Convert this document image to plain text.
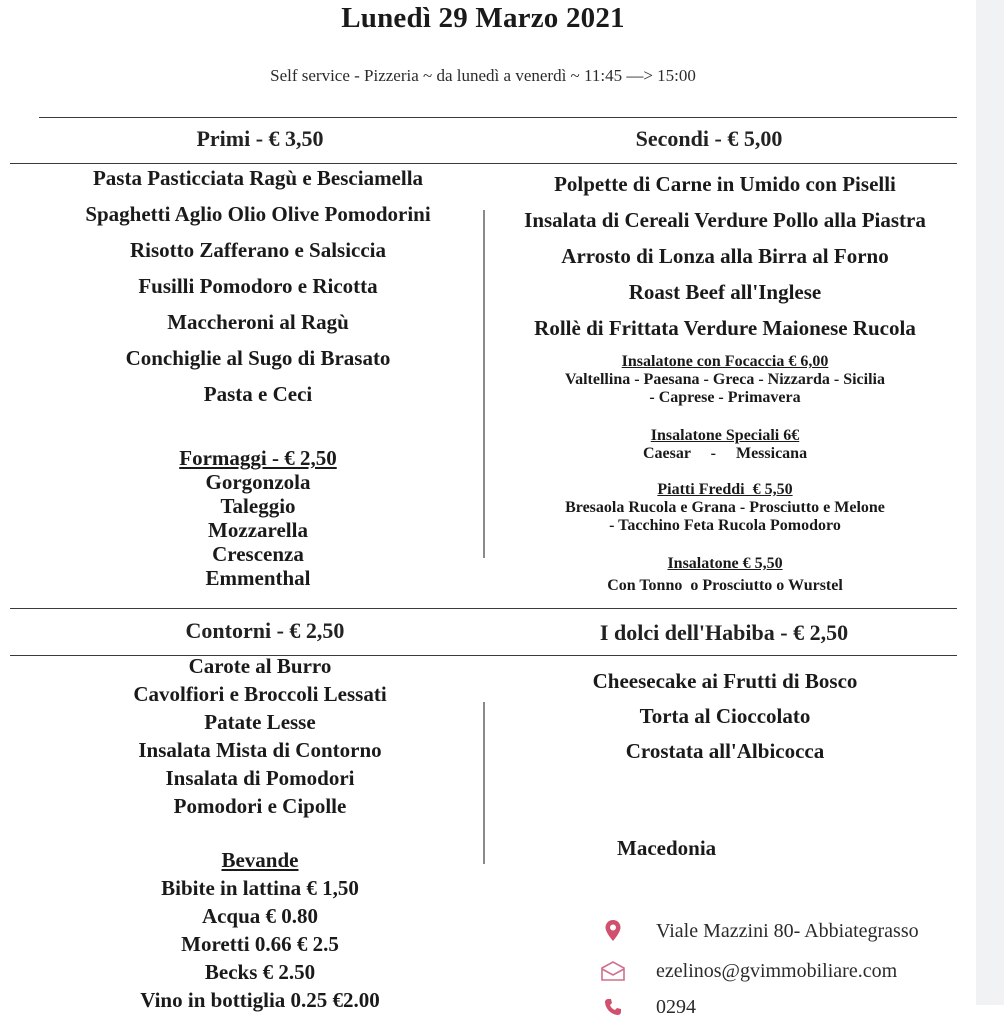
Lunedì 29 Marzo 2021
Self service - Pizzeria ~ da lunedì a venerdì ~ 11:45 —> 15:00
Primi - € 3,50
Pasta Pasticciata Ragù e Besciamella
Spaghetti Aglio Olio Olive Pomodorini
Risotto Zafferano e Salsiccia
Fusilli Pomodoro e Ricotta
Maccheroni al Ragù
Conchiglie al Sugo di Brasato
Pasta e Ceci
Formaggi - € 2,50
Gorgonzola
Taleggio
Mozzarella
Crescenza
Emmenthal
Secondi - € 5,00
Polpette di Carne in Umido con Piselli
Insalata di Cereali Verdure Pollo alla Piastra
Arrosto di Lonza alla Birra al Forno
Roast Beef all'Inglese
Rollè di Frittata Verdure Maionese Rucola
Insalatone con Focaccia € 6,00
Valtellina - Paesana - Greca - Nizzarda - Sicilia
- Caprese - Primavera
Insalatone Speciali 6€
Caesar     -     Messicana
Piatti Freddi  € 5,50
Bresaola Rucola e Grana - Prosciutto e Melone
- Tacchino Feta Rucola Pomodoro
Insalatone € 5,50
Con Tonno  o Prosciutto o Wurstel
Contorni - € 2,50
Carote al Burro
Cavolfiori e Broccoli Lessati
Patate Lesse
Insalata Mista di Contorno
Insalata di Pomodori
Pomodori e Cipolle
Bevande
Bibite in lattina € 1,50
Acqua € 0.80
Moretti 0.66 € 2.5
Becks € 2.50
Vino in bottiglia 0.25 €2.00
I dolci dell'Habiba - € 2,50
Cheesecake ai Frutti di Bosco
Torta al Cioccolato
Crostata all'Albicocca
Macedonia
Viale Mazzini 80- Abbiategrasso
ezelinos@gvimmobiliare.com
0294
